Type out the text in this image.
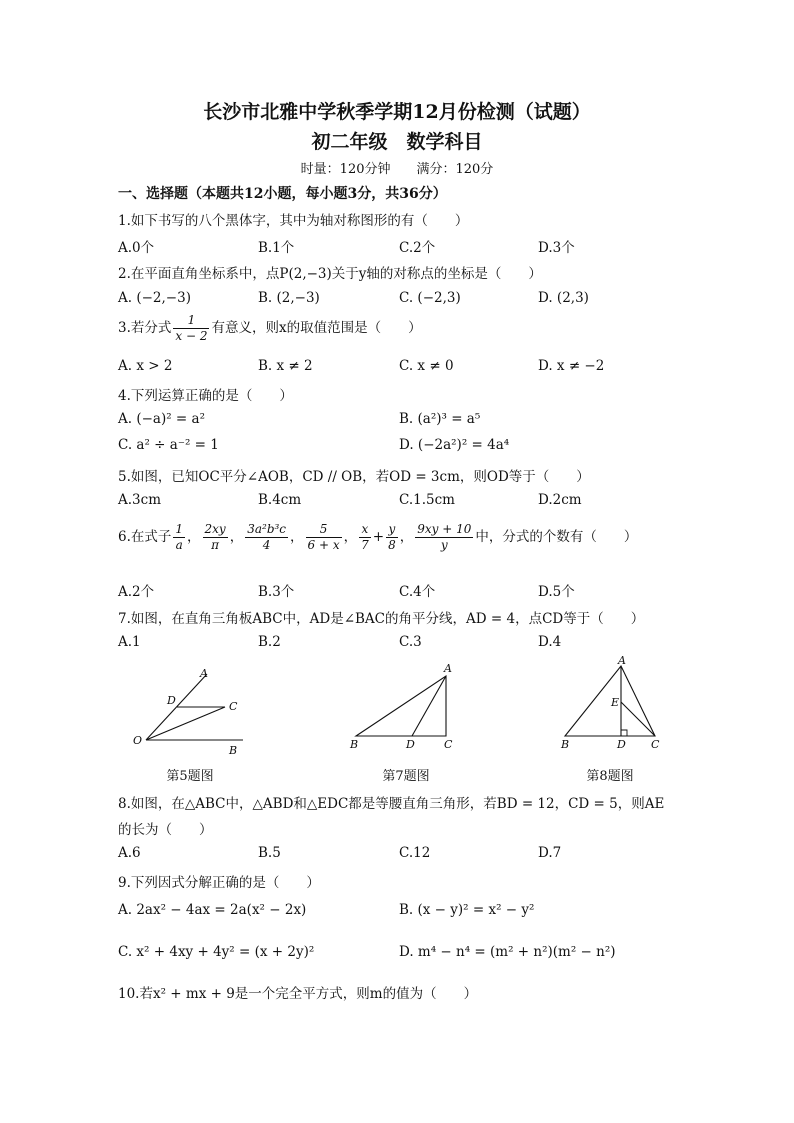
长沙市北雅中学秋季学期12月份检测（试题）
初二年级　数学科目
时量：120分钟　　满分：120分
一、选择题（本题共12小题，每小题3分，共36分）
1.如下书写的八个黑体字，其中为轴对称图形的有（　　）
A.0个	B.1个	C.2个	D.3个
2.在平面直角坐标系中，点P(2,−3)关于y轴的对称点的坐标是（　　）
A. (−2,−3)	B. (2,−3)	C. (−2,3)	D. (2,3)
3.若分式 $\frac{1}{x - 2}$ 有意义，则x的取值范围是（　　）
A. x > 2	B. x ≠ 2	C. x ≠ 0	D. x ≠ −2
4.下列运算正确的是（　　）
A. (−a)² = a²	B. (a²)³ = a⁵
C. a² ÷ a⁻² = 1	D. (−2a²)² = 4a⁴
5.如图，已知OC平分∠AOB，CD // OB，若OD = 3cm，则OD等于（　　）
A.3cm	B.4cm	C.1.5cm	D.2cm
6.在式子 $\frac{1}{a}$ ， $\frac{2xy}{\pi}$ ， $\frac{\text{3a²b³c}}{4}$ ， $\frac{5}{6 + x}$ ， $\frac{x}{7} + \frac{y}{8}$ ， $\frac{9xy + 10}{y}$ 中，分式的个数有（　　）
A.2个	B.3个	C.4个	D.5个
7.如图，在直角三角板ABC中，AD是∠BAC的角平分线，AD = 4，点CD等于（　　）
A.1	B.2	C.3	D.4
A
D	C
O
B
第5题图
A
B	D	C
第7题图
A
E
B	D C
第8题图
8.如图，在△ABC中，△ABD和△EDC都是等腰直角三角形，若BD = 12，CD = 5，则AE
的长为（　　）
A.6	B.5	C.12	D.7
9.下列因式分解正确的是（　　）
A. 2ax² − 4ax = 2a(x² − 2x)	B. (x − y)² = x² − y²
C. x² + 4xy + 4y² = (x + 2y)²	D. m⁴ − n⁴ = (m² + n²)(m² − n²)
10.若x² + mx + 9是一个完全平方式，则m的值为（　　）
